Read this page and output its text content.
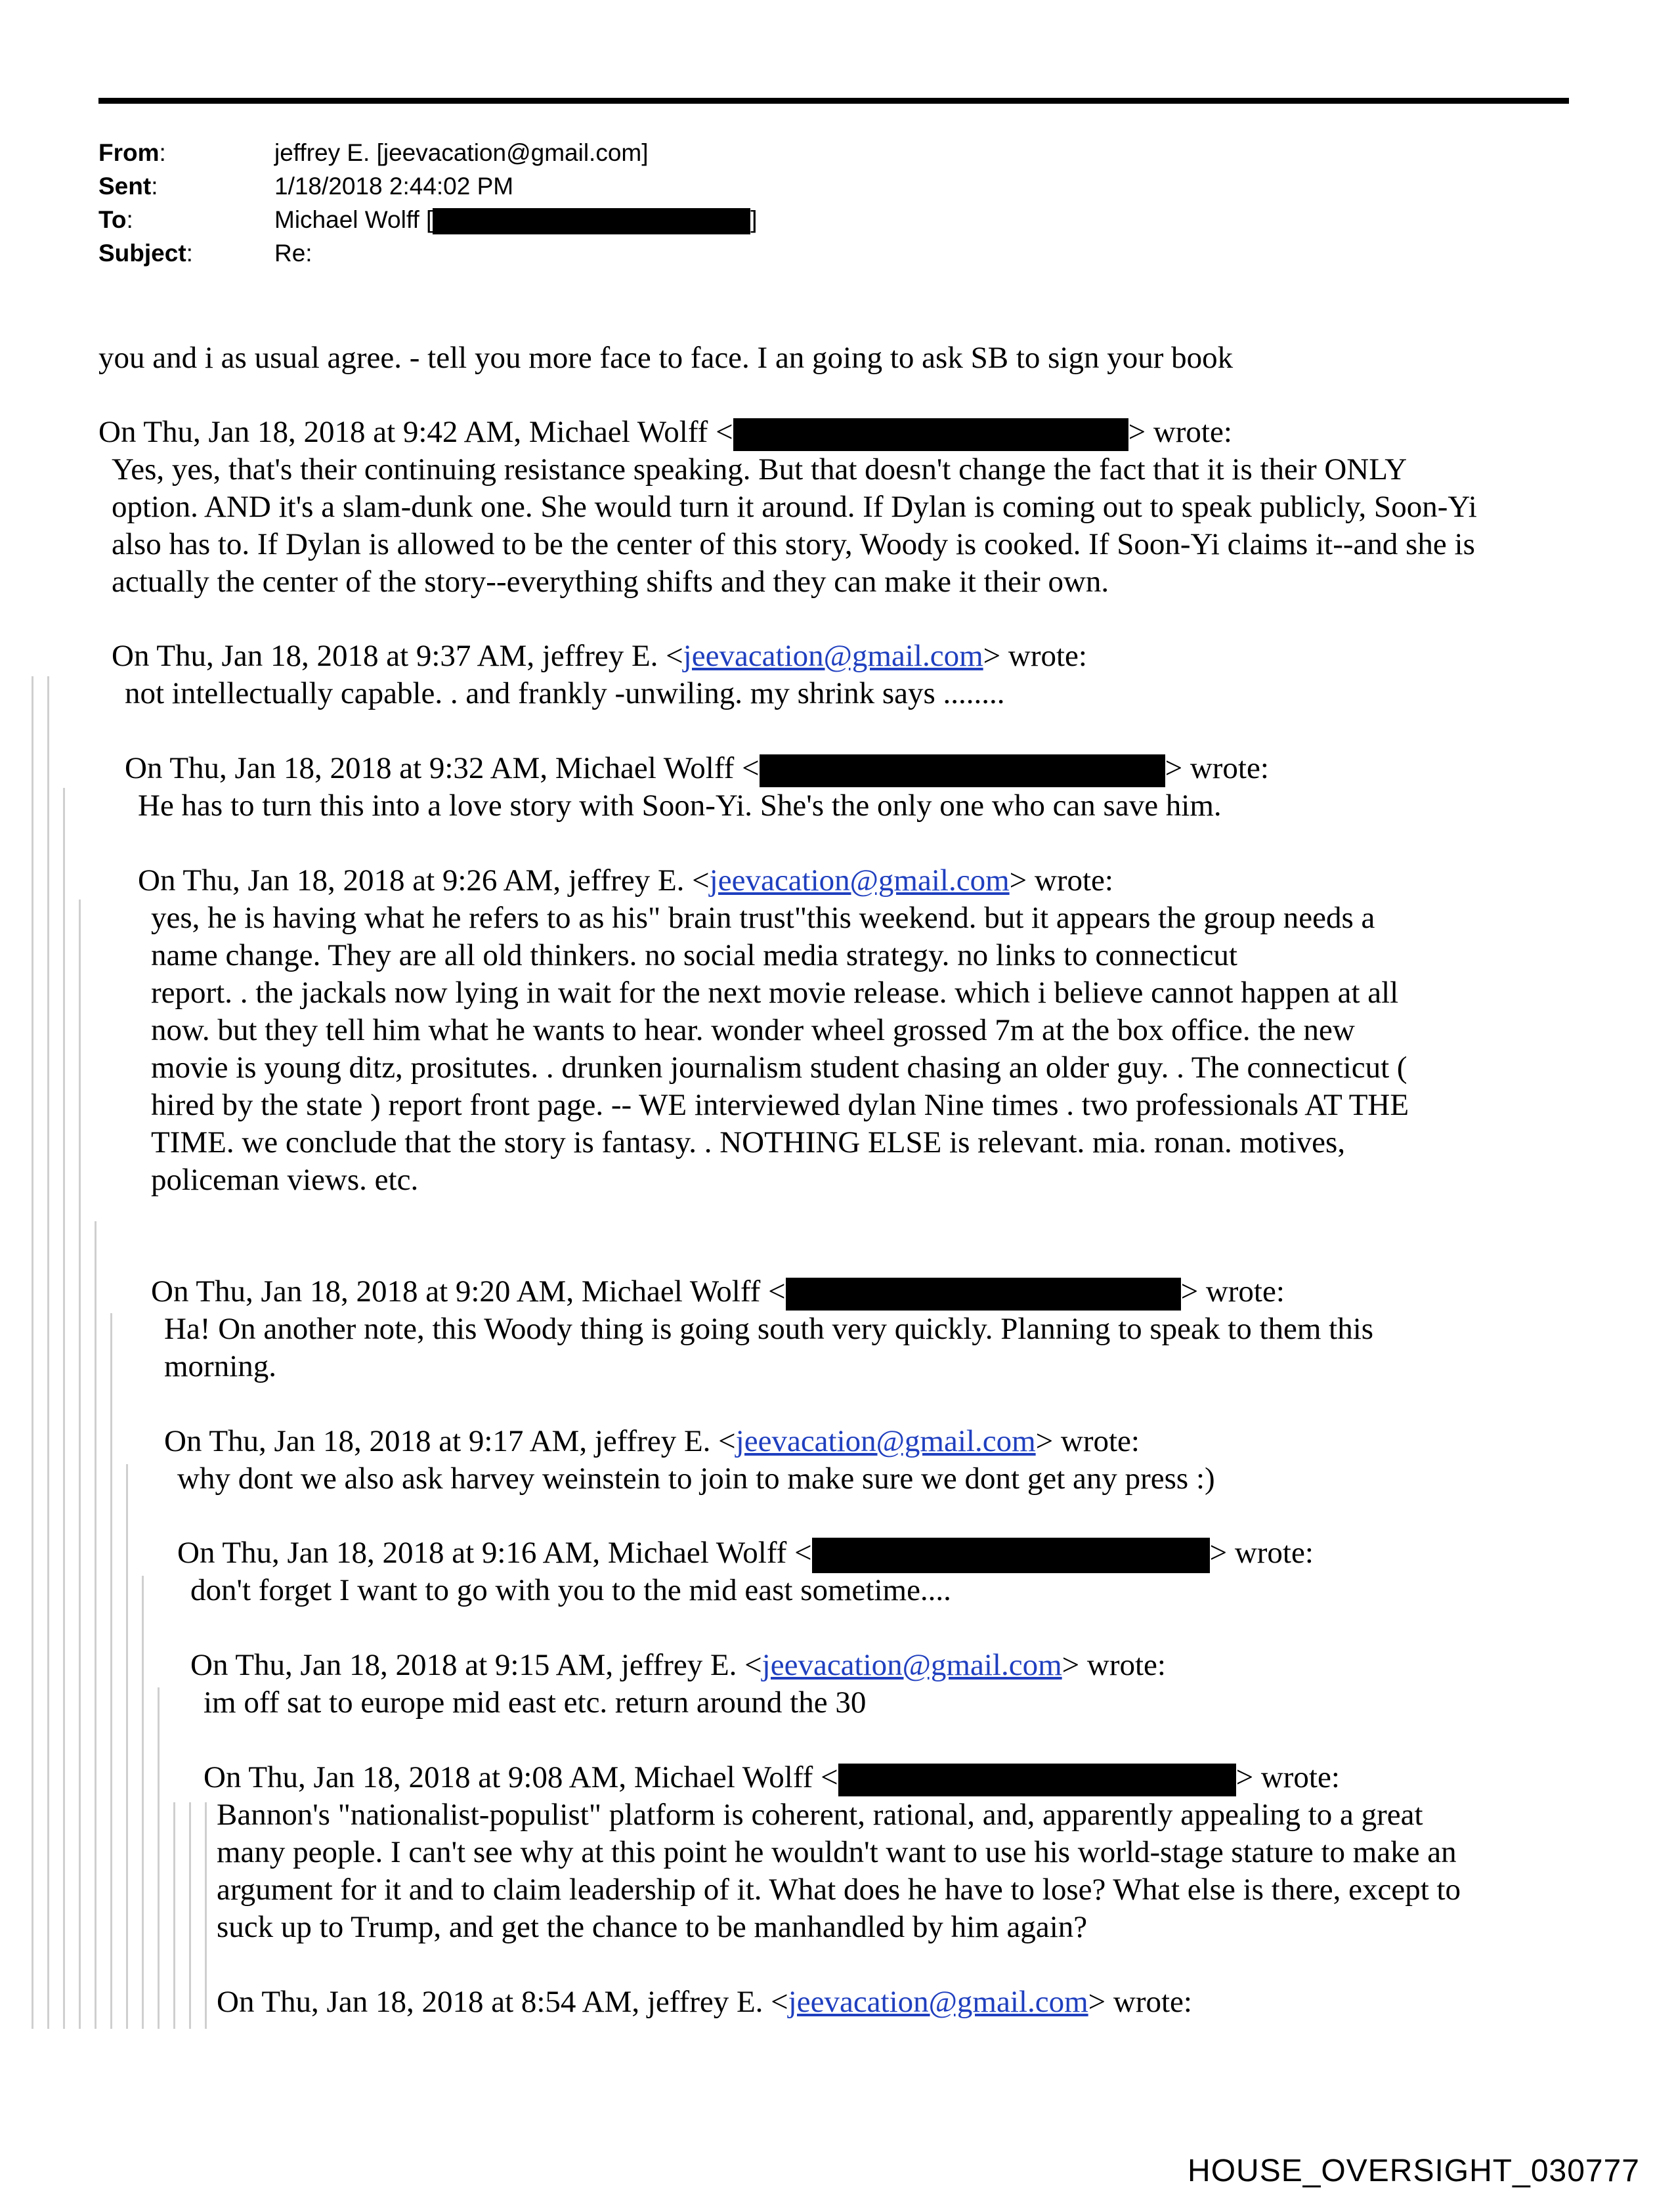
From:	jeffrey E. [jeevacation@gmail.com]
Sent:	1/18/2018 2:44:02 PM
To:	Michael Wolff [	]
Subject:	Re:
you and i as usual agree. - tell you more face to face. I an going to ask SB to sign your book
On Thu, Jan 18, 2018 at 9:42 AM, Michael Wolff <	> wrote:
Yes, yes, that's their continuing resistance speaking. But that doesn't change the fact that it is their ONLY
option. AND it's a slam-dunk one. She would turn it around. If Dylan is coming out to speak publicly, Soon-Yi
also has to. If Dylan is allowed to be the center of this story, Woody is cooked. If Soon-Yi claims it--and she is
actually the center of the story--everything shifts and they can make it their own.
On Thu, Jan 18, 2018 at 9:37 AM, jeffrey E. <jeevacation@gmail.com> wrote:
not intellectually capable. . and frankly -unwiling. my shrink says ........
On Thu, Jan 18, 2018 at 9:32 AM, Michael Wolff <	> wrote:
He has to turn this into a love story with Soon-Yi. She's the only one who can save him.
On Thu, Jan 18, 2018 at 9:26 AM, jeffrey E. <jeevacation@gmail.com> wrote:
yes, he is having what he refers to as his" brain trust"this weekend. but it appears the group needs a
name change. They are all old thinkers. no social media strategy. no links to connecticut
report. . the jackals now lying in wait for the next movie release. which i believe cannot happen at all
now. but they tell him what he wants to hear. wonder wheel grossed 7m at the box office. the new
movie is young ditz, prositutes. . drunken journalism student chasing an older guy. . The connecticut (
hired by the state ) report front page. -- WE interviewed dylan Nine times . two professionals AT THE
TIME. we conclude that the story is fantasy. . NOTHING ELSE is relevant. mia. ronan. motives,
policeman views. etc.
On Thu, Jan 18, 2018 at 9:20 AM, Michael Wolff <	> wrote:
Ha! On another note, this Woody thing is going south very quickly. Planning to speak to them this
morning.
On Thu, Jan 18, 2018 at 9:17 AM, jeffrey E. <jeevacation@gmail.com> wrote:
why dont we also ask harvey weinstein to join to make sure we dont get any press :)
On Thu, Jan 18, 2018 at 9:16 AM, Michael Wolff <	> wrote:
don't forget I want to go with you to the mid east sometime....
On Thu, Jan 18, 2018 at 9:15 AM, jeffrey E. <jeevacation@gmail.com> wrote:
im off sat to europe mid east etc. return around the 30
On Thu, Jan 18, 2018 at 9:08 AM, Michael Wolff <	> wrote:
Bannon's "nationalist-populist" platform is coherent, rational, and, apparently appealing to a great
many people. I can't see why at this point he wouldn't want to use his world-stage stature to make an
argument for it and to claim leadership of it. What does he have to lose? What else is there, except to
suck up to Trump, and get the chance to be manhandled by him again?
On Thu, Jan 18, 2018 at 8:54 AM, jeffrey E. <jeevacation@gmail.com> wrote:
HOUSE_OVERSIGHT_030777
